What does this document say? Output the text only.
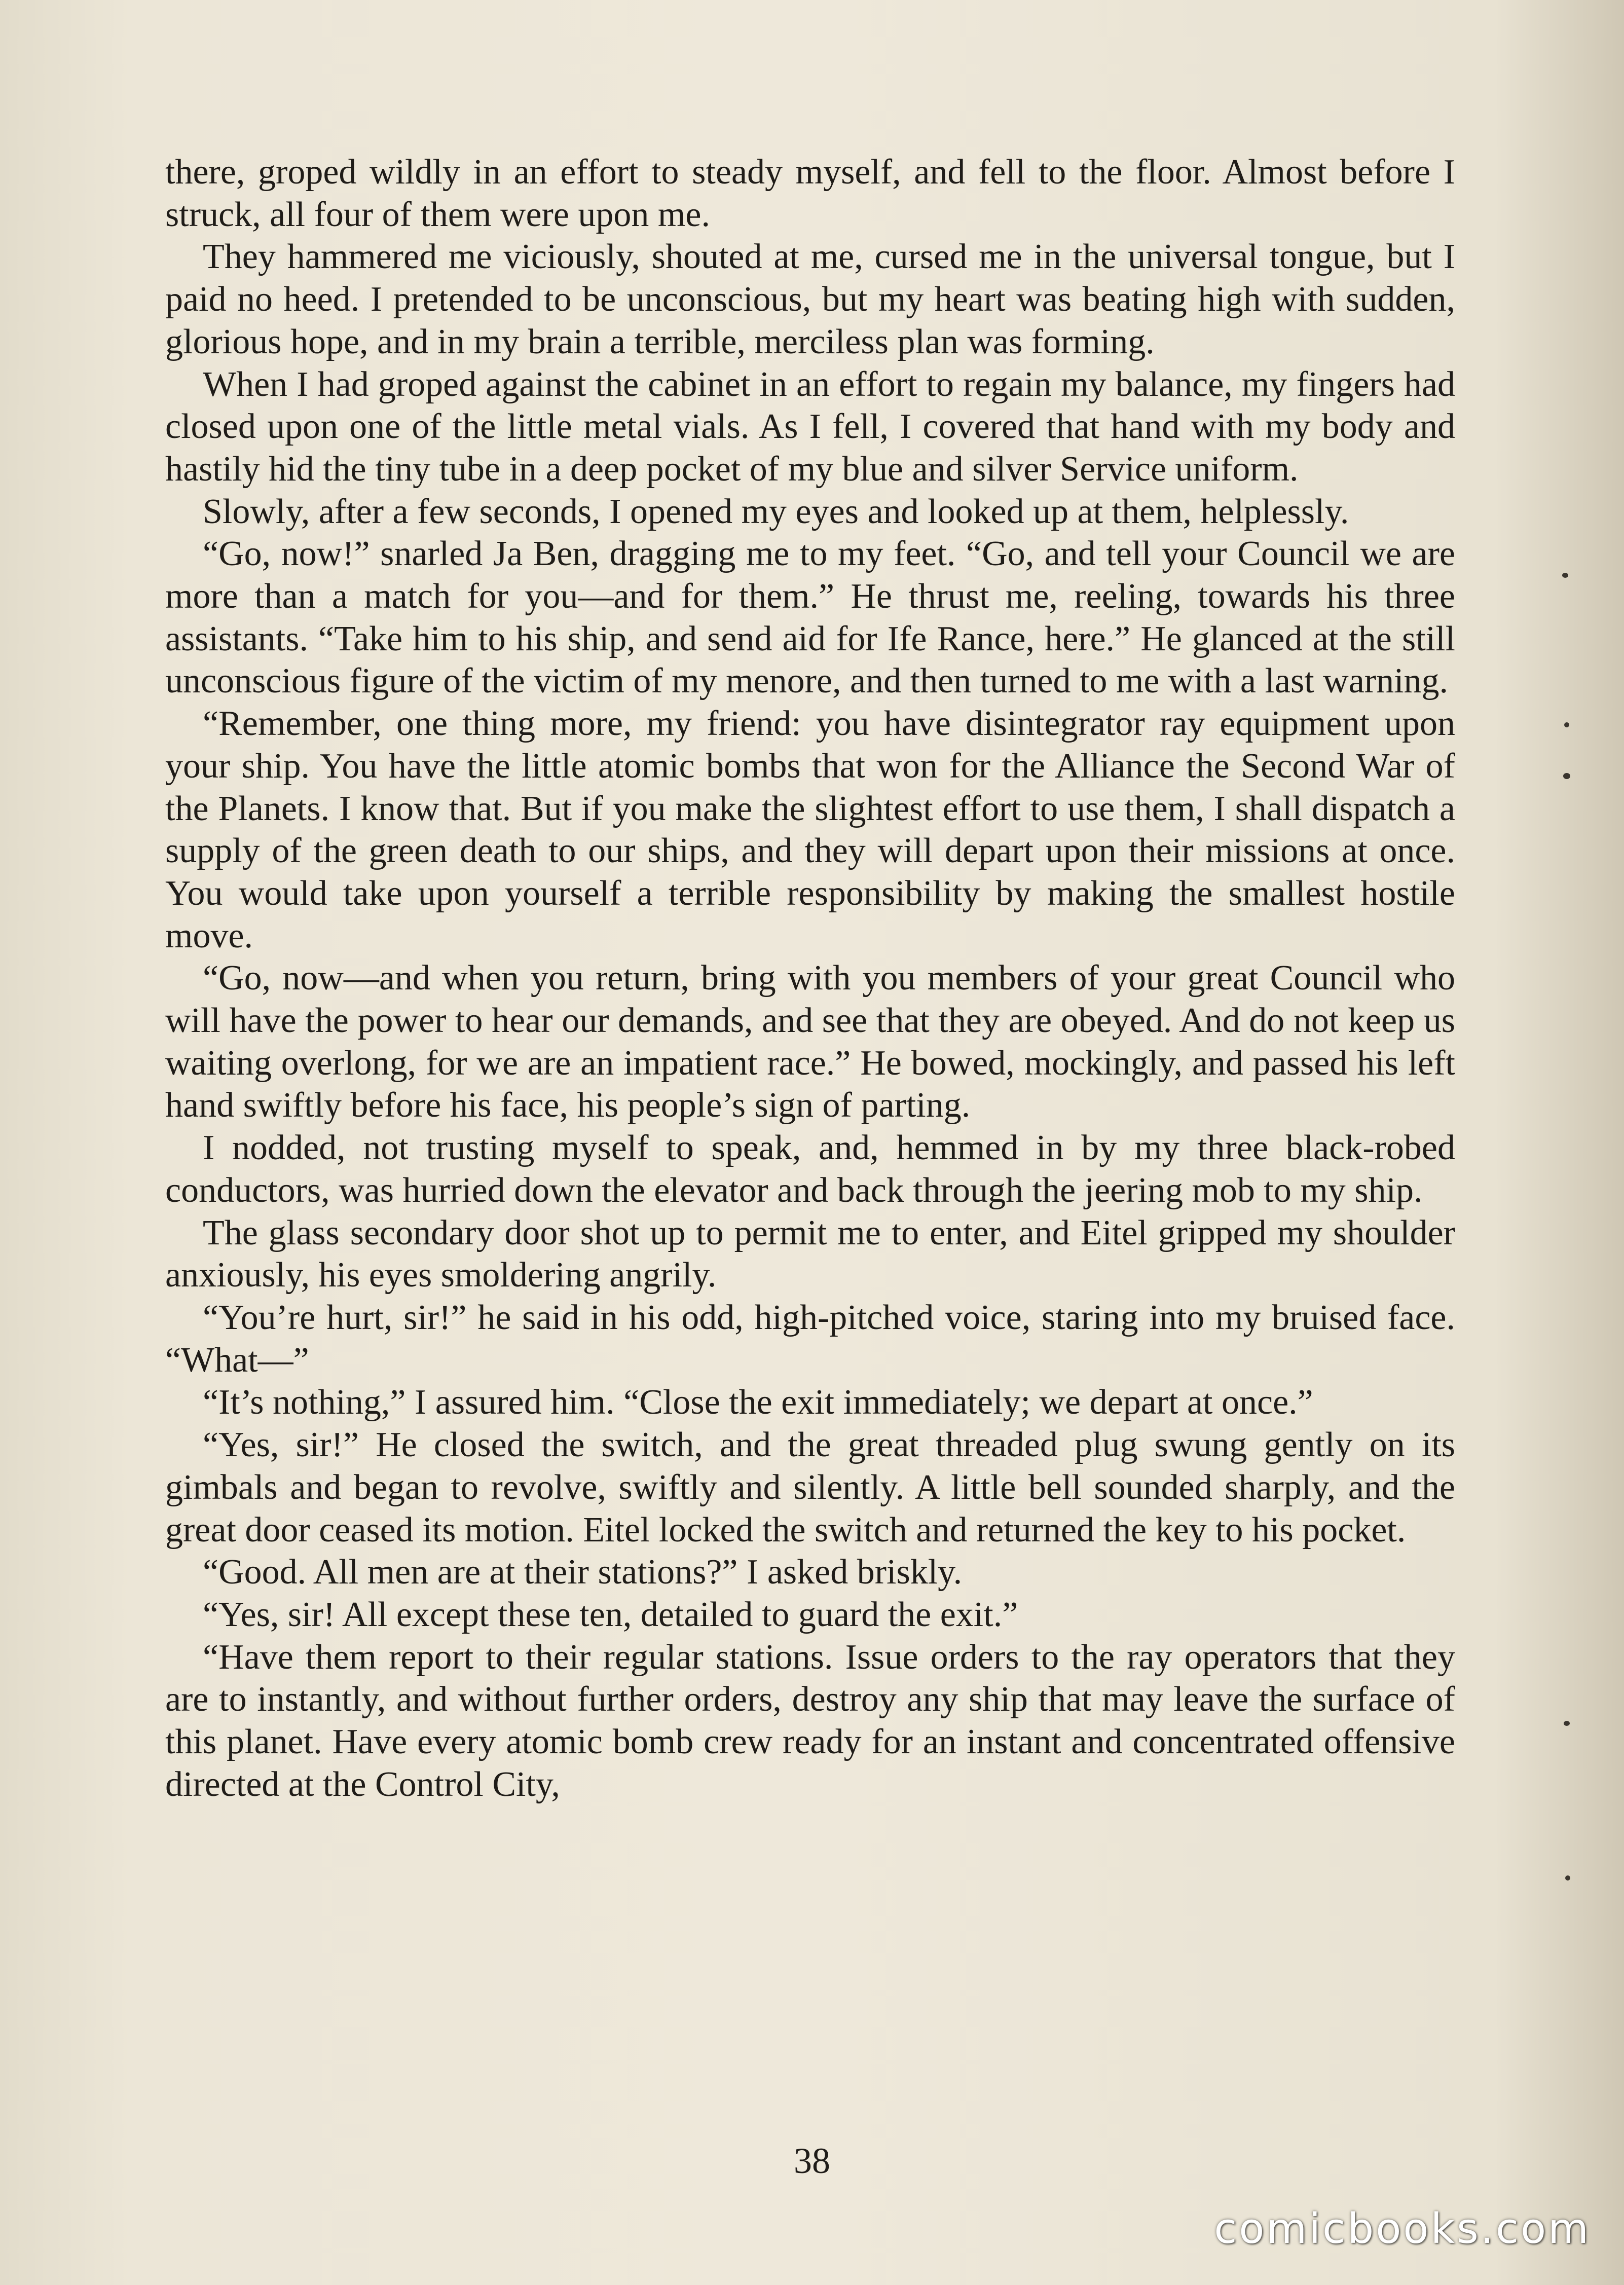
there, groped wildly in an effort to steady myself, and fell to the floor. Almost before I struck, all four of them were upon me.

They hammered me viciously, shouted at me, cursed me in the universal tongue, but I paid no heed. I pretended to be unconscious, but my heart was beating high with sudden, glorious hope, and in my brain a terrible, merciless plan was forming.

When I had groped against the cabinet in an effort to regain my balance, my fingers had closed upon one of the little metal vials. As I fell, I covered that hand with my body and hastily hid the tiny tube in a deep pocket of my blue and silver Service uniform.

Slowly, after a few seconds, I opened my eyes and looked up at them, helplessly.

“Go, now!” snarled Ja Ben, dragging me to my feet. “Go, and tell your Council we are more than a match for you—and for them.” He thrust me, reeling, towards his three assistants. “Take him to his ship, and send aid for Ife Rance, here.” He glanced at the still unconscious figure of the victim of my menore, and then turned to me with a last warning.

“Remember, one thing more, my friend: you have disintegrator ray equipment upon your ship. You have the little atomic bombs that won for the Alliance the Second War of the Planets. I know that. But if you make the slightest effort to use them, I shall dispatch a supply of the green death to our ships, and they will depart upon their missions at once. You would take upon yourself a terrible responsibility by making the smallest hostile move.

“Go, now—and when you return, bring with you members of your great Council who will have the power to hear our demands, and see that they are obeyed. And do not keep us waiting overlong, for we are an impatient race.” He bowed, mockingly, and passed his left hand swiftly before his face, his people’s sign of parting.

I nodded, not trusting myself to speak, and, hemmed in by my three black-robed conductors, was hurried down the elevator and back through the jeering mob to my ship.

The glass secondary door shot up to permit me to enter, and Eitel gripped my shoulder anxiously, his eyes smoldering angrily.

“You’re hurt, sir!” he said in his odd, high-pitched voice, staring into my bruised face. “What—”

“It’s nothing,” I assured him. “Close the exit immediately; we depart at once.”

“Yes, sir!” He closed the switch, and the great threaded plug swung gently on its gimbals and began to revolve, swiftly and silently. A little bell sounded sharply, and the great door ceased its motion. Eitel locked the switch and returned the key to his pocket.

“Good. All men are at their stations?” I asked briskly.

“Yes, sir! All except these ten, detailed to guard the exit.”

“Have them report to their regular stations. Issue orders to the ray operators that they are to instantly, and without further orders, destroy any ship that may leave the surface of this planet. Have every atomic bomb crew ready for an instant and concentrated offensive directed at the Control City,

38
comicbooks.com
